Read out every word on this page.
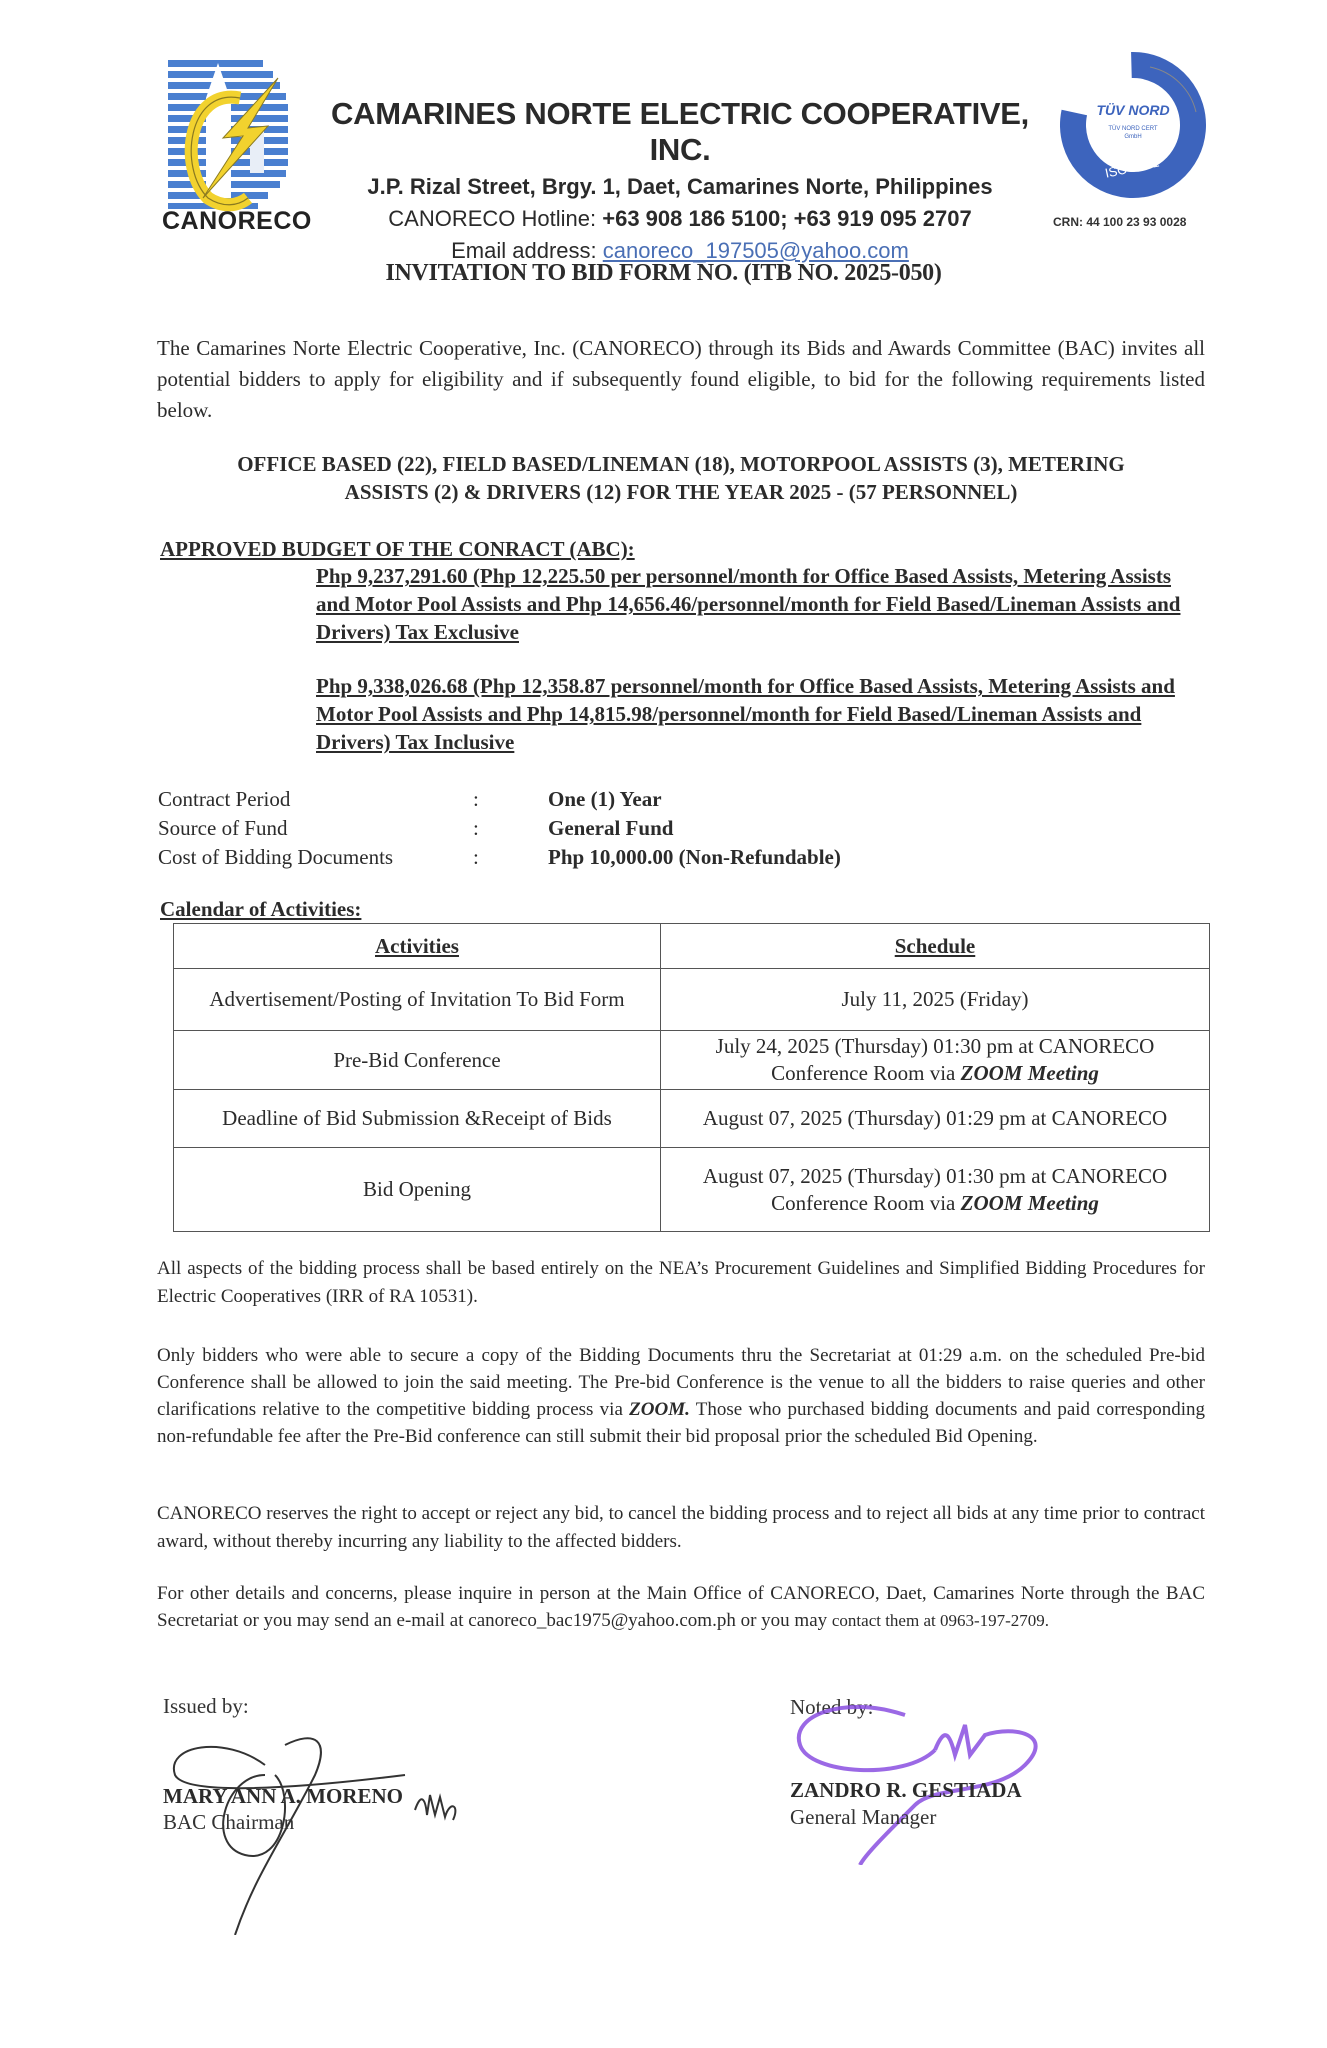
CANORECO
CAMARINES NORTE ELECTRIC COOPERATIVE, INC.
J.P. Rizal Street, Brgy. 1, Daet, Camarines Norte, Philippines
CANORECO Hotline: +63 908 186 5100; +63 919 095 2707
Email address: canoreco_197505@yahoo.com
TÜV NORD
TÜV NORD CERT
GmbH
ISO 9001
CRN: 44 100 23 93 0028
INVITATION TO BID FORM NO. (ITB NO. 2025-050)
The Camarines Norte Electric Cooperative, Inc. (CANORECO) through its Bids and Awards Committee (BAC) invites all potential bidders to apply for eligibility and if subsequently found eligible, to bid for the following requirements listed below.
OFFICE BASED (22), FIELD BASED/LINEMAN (18), MOTORPOOL ASSISTS (3), METERING
ASSISTS (2) & DRIVERS (12) FOR THE YEAR 2025 - (57 PERSONNEL)
APPROVED BUDGET OF THE CONRACT (ABC):
Php 9,237,291.60 (Php 12,225.50 per personnel/month for Office Based Assists, Metering Assists and Motor Pool Assists and Php 14,656.46/personnel/month for Field Based/Lineman Assists and Drivers) Tax Exclusive
Php 9,338,026.68 (Php 12,358.87 personnel/month for Office Based Assists, Metering Assists and Motor Pool Assists and Php 14,815.98/personnel/month for Field Based/Lineman Assists and Drivers) Tax Inclusive
Contract Period	:	One (1) Year
Source of Fund	:	General Fund
Cost of Bidding Documents	:	Php 10,000.00 (Non-Refundable)
Calendar of Activities:
Activities	Schedule
Advertisement/Posting of Invitation To Bid Form	July 11, 2025 (Friday)
Pre-Bid Conference	July 24, 2025 (Thursday) 01:30 pm at CANORECO Conference Room via ZOOM Meeting
Deadline of Bid Submission &Receipt of Bids	August 07, 2025 (Thursday) 01:29 pm at CANORECO
Bid Opening	August 07, 2025 (Thursday) 01:30 pm at CANORECO Conference Room via ZOOM Meeting
All aspects of the bidding process shall be based entirely on the NEA’s Procurement Guidelines and Simplified Bidding Procedures for Electric Cooperatives (IRR of RA 10531).
Only bidders who were able to secure a copy of the Bidding Documents thru the Secretariat at 01:29 a.m. on the scheduled Pre-bid Conference shall be allowed to join the said meeting. The Pre-bid Conference is the venue to all the bidders to raise queries and other clarifications relative to the competitive bidding process via ZOOM. Those who purchased bidding documents and paid corresponding non-refundable fee after the Pre-Bid conference can still submit their bid proposal prior the scheduled Bid Opening.
CANORECO reserves the right to accept or reject any bid, to cancel the bidding process and to reject all bids at any time prior to contract award, without thereby incurring any liability to the affected bidders.
For other details and concerns, please inquire in person at the Main Office of CANORECO, Daet, Camarines Norte through the BAC Secretariat or you may send an e-mail at canoreco_bac1975@yahoo.com.ph or you may contact them at 0963-197-2709.
Issued by:
MARY ANN A. MORENO
BAC Chairman
Noted by:
ZANDRO R. GESTIADA
General Manager
